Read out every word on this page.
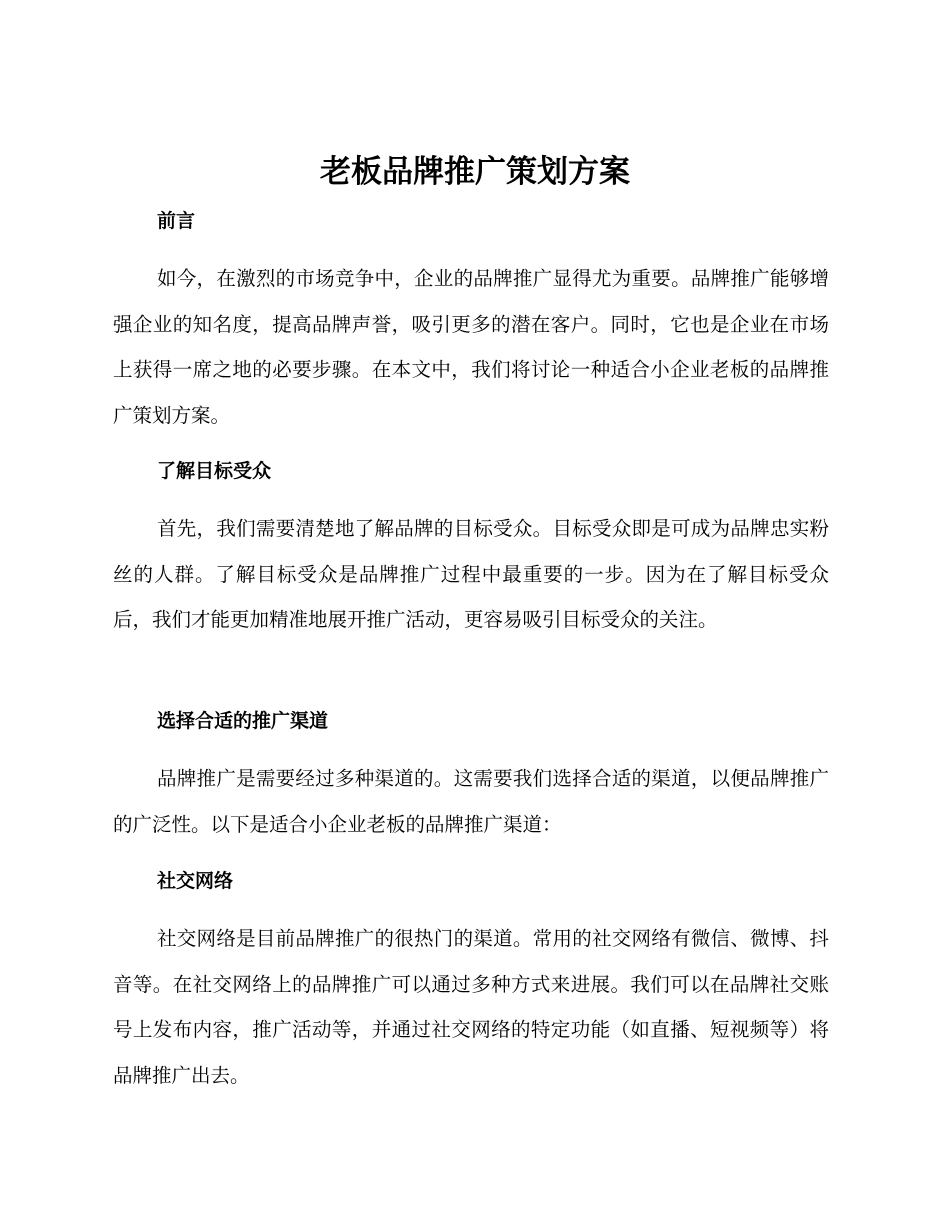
老板品牌推广策划方案
前言

如今，在激烈的市场竞争中，企业的品牌推广显得尤为重要。品牌推广能够增强企业的知名度，提高品牌声誉，吸引更多的潜在客户。同时，它也是企业在市场上获得一席之地的必要步骤。在本文中，我们将讨论一种适合小企业老板的品牌推广策划方案。

了解目标受众

首先，我们需要清楚地了解品牌的目标受众。目标受众即是可成为品牌忠实粉丝的人群。了解目标受众是品牌推广过程中最重要的一步。因为在了解目标受众后，我们才能更加精准地展开推广活动，更容易吸引目标受众的关注。

选择合适的推广渠道

品牌推广是需要经过多种渠道的。这需要我们选择合适的渠道，以便品牌推广的广泛性。以下是适合小企业老板的品牌推广渠道：

社交网络

社交网络是目前品牌推广的很热门的渠道。常用的社交网络有微信、微博、抖音等。在社交网络上的品牌推广可以通过多种方式来进展。我们可以在品牌社交账号上发布内容，推广活动等，并通过社交网络的特定功能（如直播、短视频等）将品牌推广出去。
